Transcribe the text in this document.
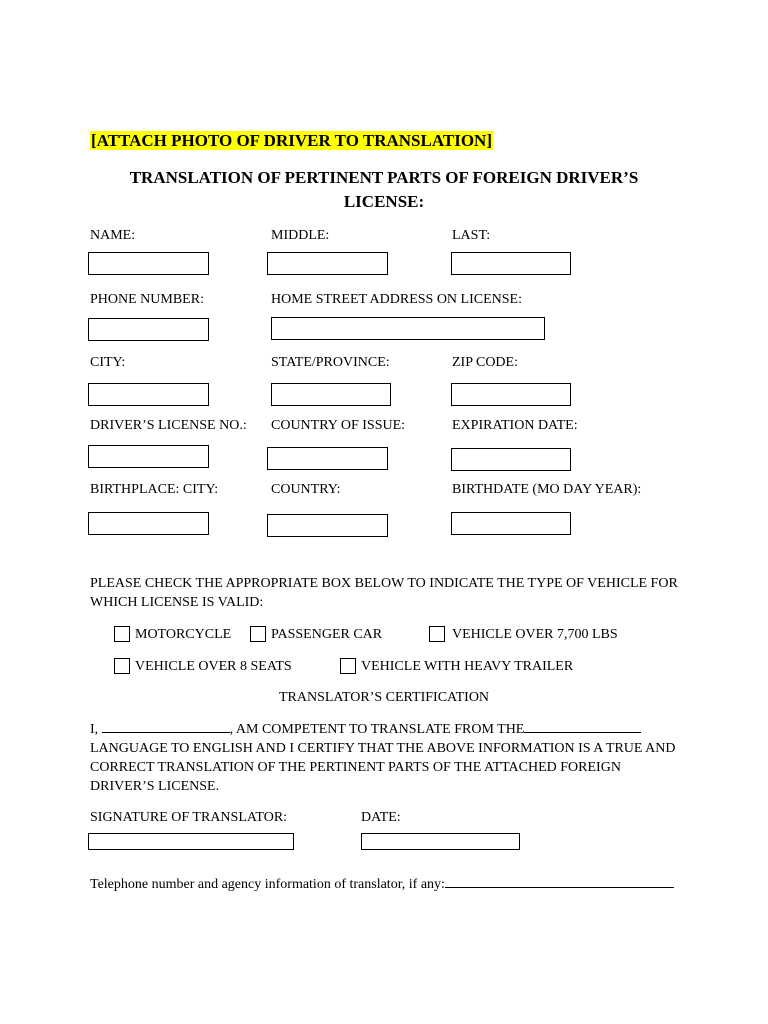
[ATTACH PHOTO OF DRIVER TO TRANSLATION]
TRANSLATION OF PERTINENT PARTS OF FOREIGN DRIVER’S
LICENSE:
NAME:	MIDDLE:	LAST:
PHONE NUMBER:	HOME STREET ADDRESS ON LICENSE:
CITY:	STATE/PROVINCE:	ZIP CODE:
DRIVER’S LICENSE NO.: COUNTRY OF ISSUE:	EXPIRATION DATE:
BIRTHPLACE: CITY:	COUNTRY:	BIRTHDATE (MO DAY YEAR):
PLEASE CHECK THE APPROPRIATE BOX BELOW TO INDICATE THE TYPE OF VEHICLE FOR
WHICH LICENSE IS VALID:
MOTORCYCLE	PASSENGER CAR	VEHICLE OVER 7,700 LBS
VEHICLE OVER 8 SEATS	VEHICLE WITH HEAVY TRAILER
TRANSLATOR’S CERTIFICATION
I,	, AM COMPETENT TO TRANSLATE FROM THE
LANGUAGE TO ENGLISH AND I CERTIFY THAT THE ABOVE INFORMATION IS A TRUE AND
CORRECT TRANSLATION OF THE PERTINENT PARTS OF THE ATTACHED FOREIGN
DRIVER’S LICENSE.
SIGNATURE OF TRANSLATOR:	DATE:
Telephone number and agency information of translator, if any:
